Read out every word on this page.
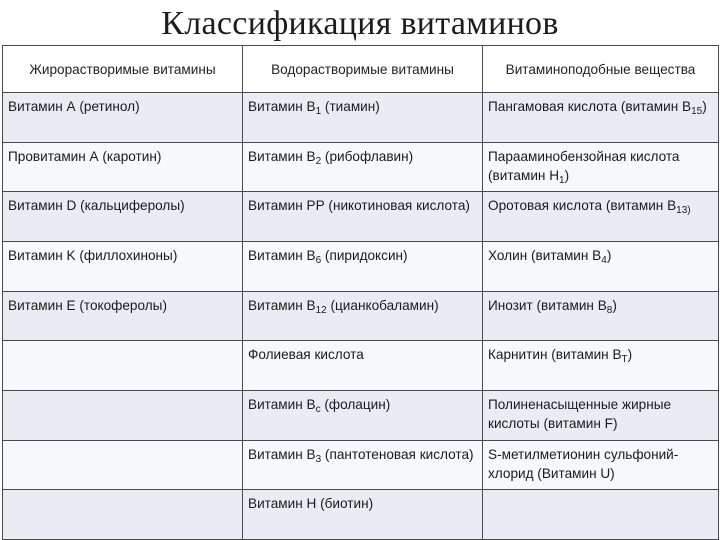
Классификация витаминов
Жирорастворимые витамины	Водорастворимые витамины	Витаминоподобные вещества
Витамин А (ретинол)	Витамин $В_1$ (тиамин)	Пангамовая кислота (витамин $В_{15}$)
Провитамин А (каротин)	Витамин $В_2$ (рибофлавин)	Парааминобензойная кислота (витамин $Н_1$)
Витамин D (кальциферолы)	Витамин РР (никотиновая кислота)	Оротовая кислота (витамин $В_{13)}$
Витамин K (филлохиноны)	Витамин $В_6$ (пиридоксин)	Холин (витамин $В_4$)
Витамин Е (токоферолы)	Витамин $В_{12}$ (цианкобаламин)	Инозит (витамин $В_8$)
	Фолиевая кислота	Карнитин (витамин $В_Т$)
	Витамин $В_с$ (фолацин)	Полиненасыщенные жирные кислоты (витамин F)
	Витамин $В_3$ (пантотеновая кислота)	S-метилметионин сульфоний-хлорид (Витамин U)
	Витамин Н (биотин)	
